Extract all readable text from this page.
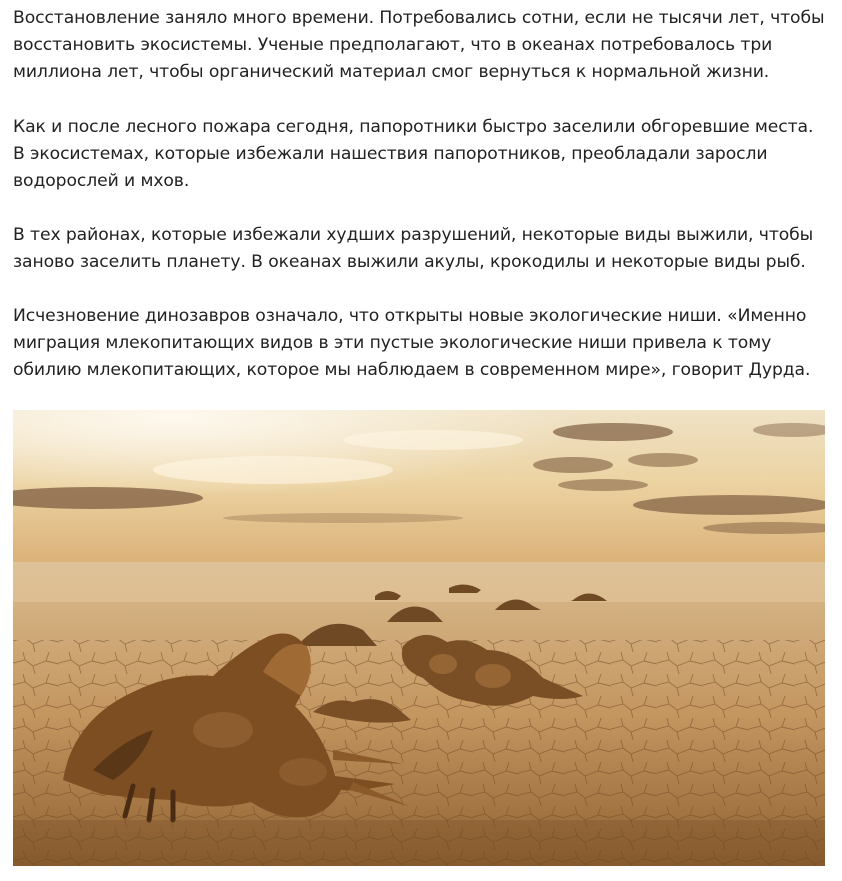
Восстановление заняло много времени. Потребовались сотни, если не тысячи лет, чтобы восстановить экосистемы. Ученые предполагают, что в океанах потребовалось три миллиона лет, чтобы органический материал смог вернуться к нормальной жизни.

Как и после лесного пожара сегодня, папоротники быстро заселили обгоревшие места. В экосистемах, которые избежали нашествия папоротников, преобладали заросли водорослей и мхов.

В тех районах, которые избежали худших разрушений, некоторые виды выжили, чтобы заново заселить планету. В океанах выжили акулы, крокодилы и некоторые виды рыб.

Исчезновение динозавров означало, что открыты новые экологические ниши. «Именно миграция млекопитающих видов в эти пустые экологические ниши привела к тому обилию млекопитающих, которое мы наблюдаем в современном мире», говорит Дурда.
